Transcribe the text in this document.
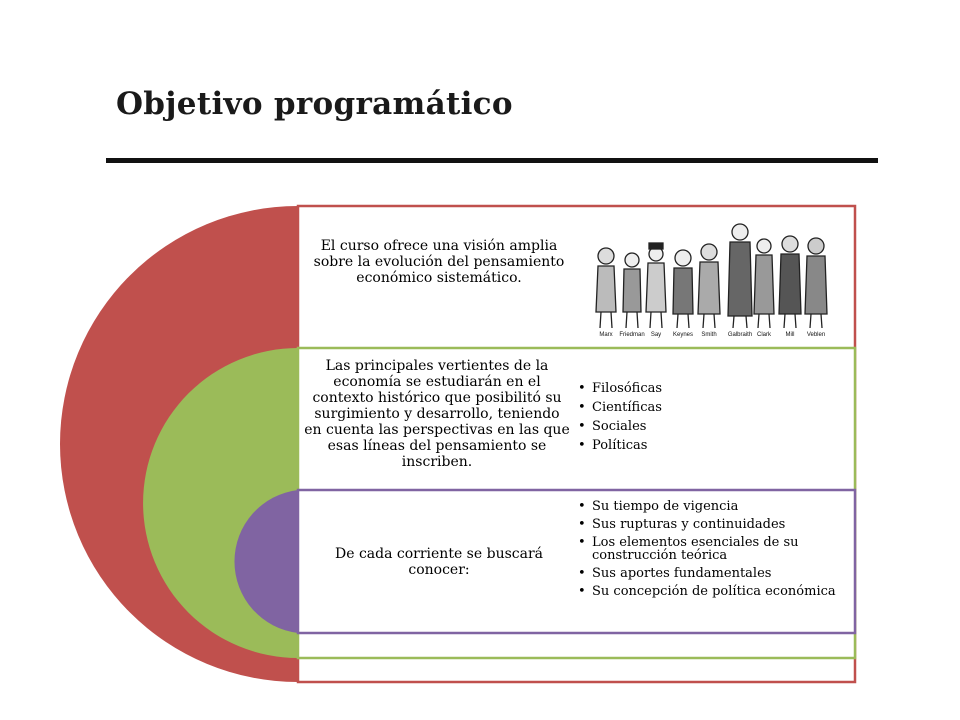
Objetivo programático
El curso ofrece una visión amplia sobre la evolución del pensamiento económico sistemático.
Marx Friedman Say Keynes Smith Galbraith Clark Mill Veblen
Las principales vertientes de la economía se estudiarán en el contexto histórico que posibilitó su surgimiento y desarrollo, teniendo en cuenta las perspectivas en las que esas líneas del pensamiento se inscriben.
• Filosóficas
• Científicas
• Sociales
• Políticas
De cada corriente se buscará conocer:
• Su tiempo de vigencia
• Sus rupturas y continuidades
• Los elementos esenciales de su construcción teórica
• Sus aportes fundamentales
• Su concepción de política económica
